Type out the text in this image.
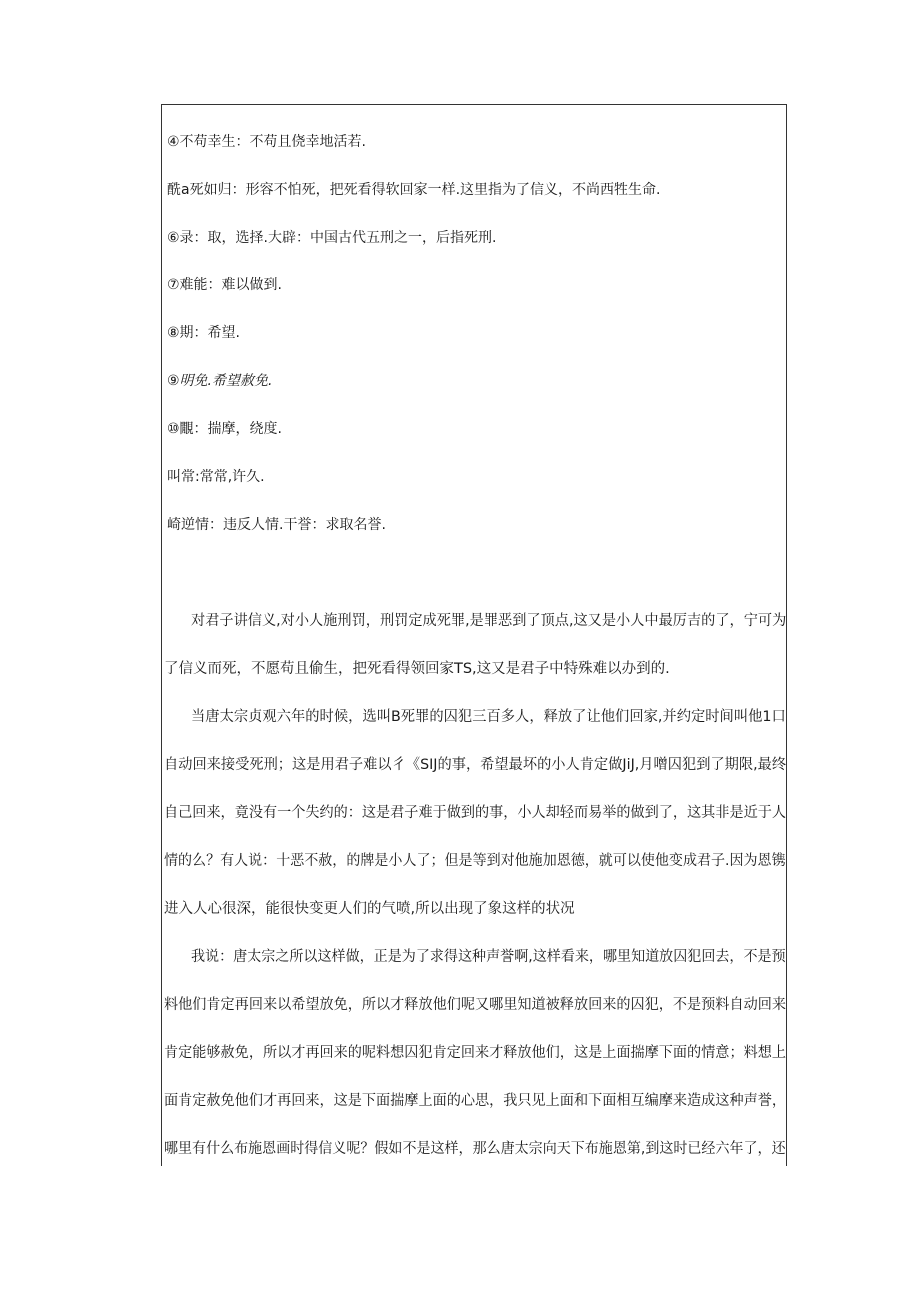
④不苟幸生：不苟且侥幸地活若.
酰a死如归：形容不怕死，把死看得软回家一样.这里指为了信义，不尚西牲生命.
⑥录：取，选择.大辟：中国古代五刑之一，后指死刑.
⑦难能：难以做到.
⑧期：希望.
⑨明免.希望赦免.
⑩覵：揣摩，绕度.
叫常:常常,许久.
崎逆情：违反人情.干誉：求取名誉.
对君子讲信义,对小人施刑罚，刑罚定成死罪,是罪恶到了顶点,这又是小人中最厉吉的了，宁可为
了信义而死，不愿苟且偷生，把死看得领回家TS,这又是君子中特殊难以办到的.
当唐太宗贞观六年的时候，选叫B死罪的囚犯三百多人，释放了让他们回家,并约定时间叫他1口
自动回来接受死刑；这是用君子难以彳《SIJ的事，希望最坏的小人肯定做JiJ,月噌囚犯到了期限,最终
自己回来，竟没有一个失约的：这是君子难于做到的事，小人却轻而易举的做到了，这其非是近于人
情的么？有人说：十恶不赦，的牌是小人了；但是等到对他施加恩德，就可以使他变成君子.因为恩镌
进入人心很深，能很快变更人们的气喷,所以出现了象这样的状况
我说：唐太宗之所以这样做，正是为了求得这种声誉啊,这样看来，哪里知道放囚犯回去，不是预
料他们肯定再回来以希望放免，所以才释放他们呢又哪里知道被释放回来的囚犯，不是预料自动回来
肯定能够赦免，所以才再回来的呢料想囚犯肯定回来才释放他们，这是上面揣摩下面的情意；料想上
面肯定赦免他们才再回来，这是下面揣摩上面的心思，我只见上面和下面相互编摩来造成这种声誉，
哪里有什么布施恩画时得信义呢？假如不是这样，那么唐太宗向天下布施恩第,到这时已经六年了，还
